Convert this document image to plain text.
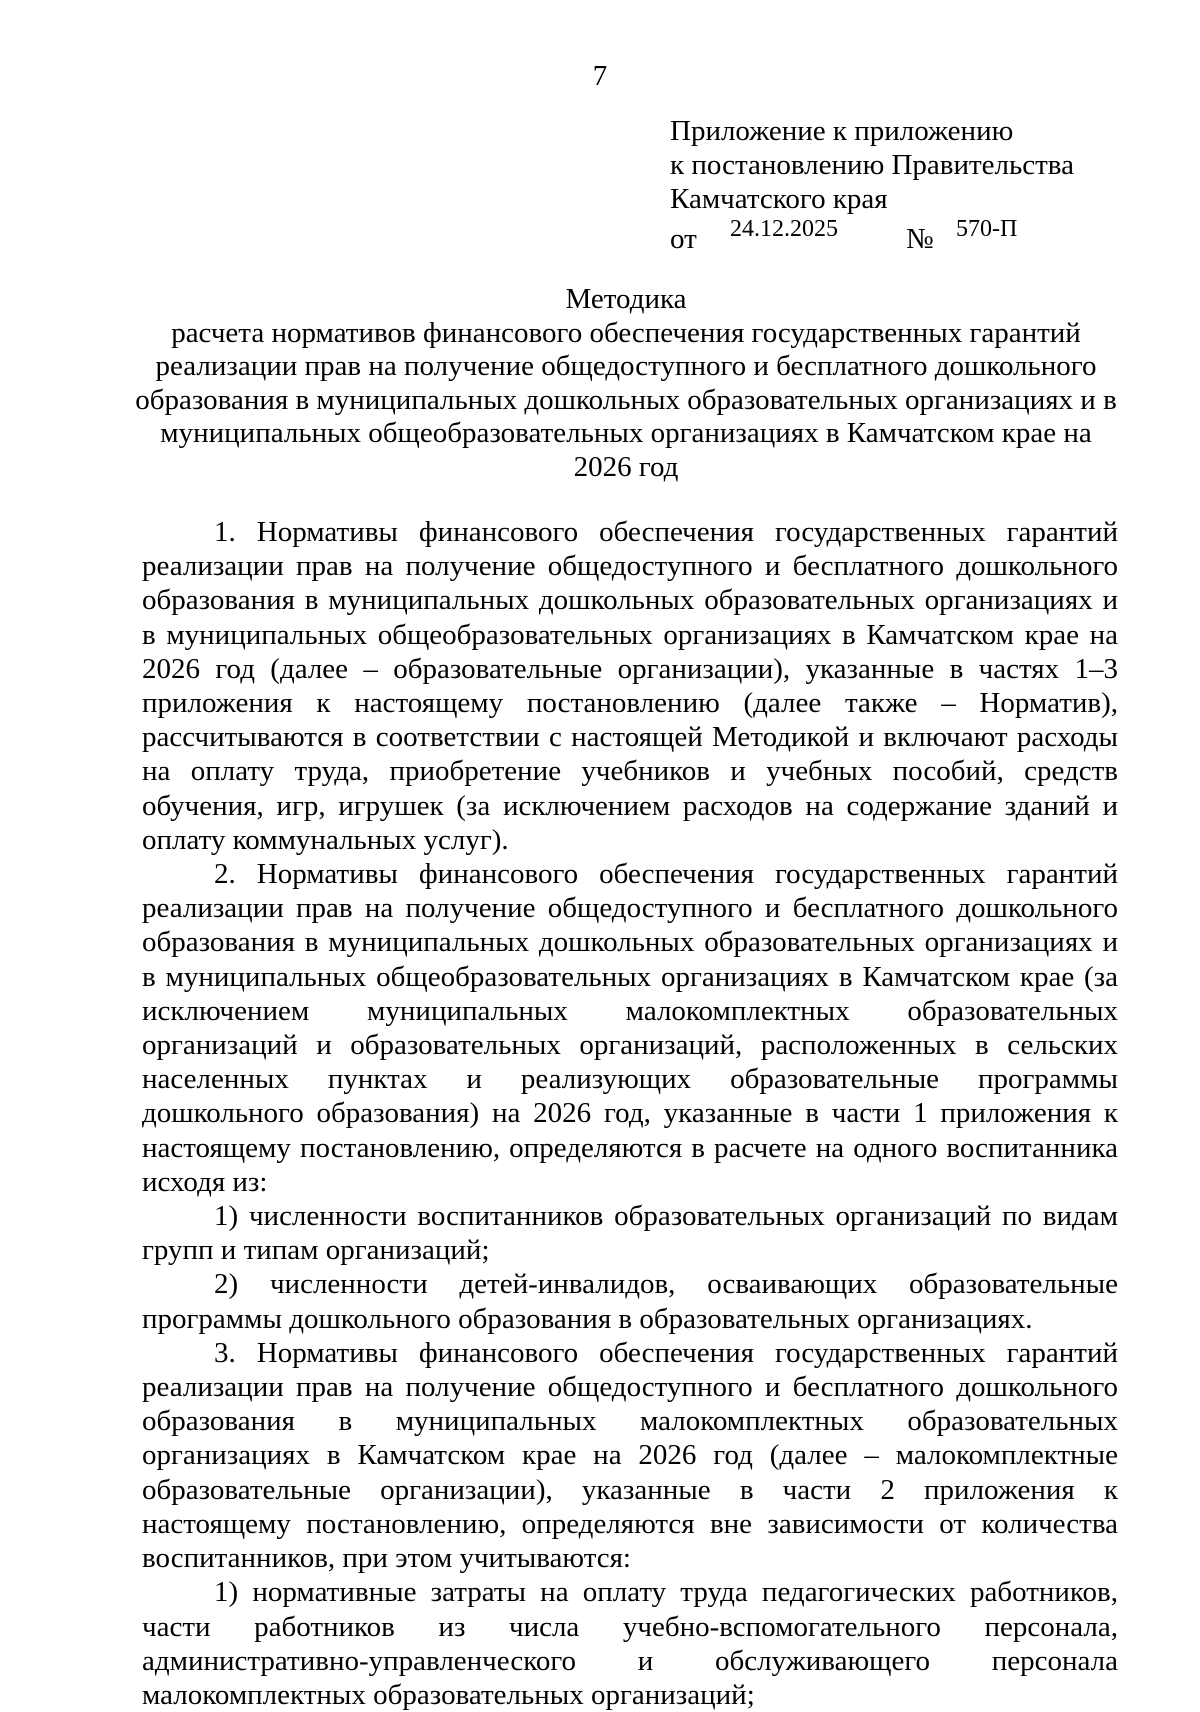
7
Приложение к приложению
к постановлению Правительства
Камчатского края
от 24.12.2025 № 570-П
Методика
расчета нормативов финансового обеспечения государственных гарантий реализации прав на получение общедоступного и бесплатного дошкольного образования в муниципальных дошкольных образовательных организациях и в муниципальных общеобразовательных организациях в Камчатском крае на 2026 год

1. Нормативы финансового обеспечения государственных гарантий реализации прав на получение общедоступного и бесплатного дошкольного образования в муниципальных дошкольных образовательных организациях и в муниципальных общеобразовательных организациях в Камчатском крае на 2026 год (далее – образовательные организации), указанные в частях 1–3 приложения к настоящему постановлению (далее также – Норматив), рассчитываются в соответствии с настоящей Методикой и включают расходы на оплату труда, приобретение учебников и учебных пособий, средств обучения, игр, игрушек (за исключением расходов на содержание зданий и оплату коммунальных услуг).

2. Нормативы финансового обеспечения государственных гарантий реализации прав на получение общедоступного и бесплатного дошкольного образования в муниципальных дошкольных образовательных организациях и в муниципальных общеобразовательных организациях в Камчатском крае (за исключением муниципальных малокомплектных образовательных организаций и образовательных организаций, расположенных в сельских населенных пунктах и реализующих образовательные программы дошкольного образования) на 2026 год, указанные в части 1 приложения к настоящему постановлению, определяются в расчете на одного воспитанника исходя из:

1) численности воспитанников образовательных организаций по видам групп и типам организаций;

2) численности детей-инвалидов, осваивающих образовательные программы дошкольного образования в образовательных организациях.

3. Нормативы финансового обеспечения государственных гарантий реализации прав на получение общедоступного и бесплатного дошкольного образования в муниципальных малокомплектных образовательных организациях в Камчатском крае на 2026 год (далее – малокомплектные образовательные организации), указанные в части 2 приложения к настоящему постановлению, определяются вне зависимости от количества воспитанников, при этом учитываются:

1) нормативные затраты на оплату труда педагогических работников, части работников из числа учебно-вспомогательного персонала, административно-управленческого и обслуживающего персонала малокомплектных образовательных организаций;
